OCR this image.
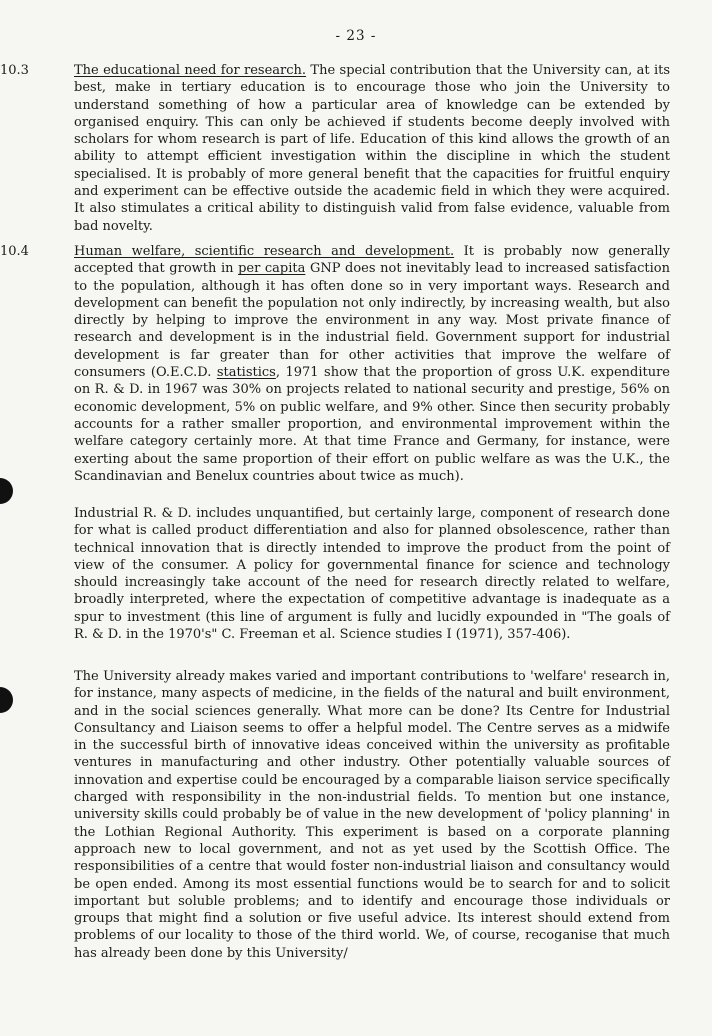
- 23 -
10.3	The educational need for research. The special contribution that the University can, at its best, make in tertiary education is to encourage those who join the University to understand something of how a particular area of knowledge can be extended by organised enquiry. This can only be achieved if students become deeply involved with scholars for whom research is part of life. Education of this kind allows the growth of an ability to attempt efficient investigation within the discipline in which the student specialised. It is probably of more general benefit that the capacities for fruitful enquiry and experiment can be effective outside the academic field in which they were acquired. It also stimulates a critical ability to distinguish valid from false evidence, valuable from bad novelty.

10.4	Human welfare, scientific research and development. It is probably now generally accepted that growth in per capita GNP does not inevitably lead to increased satisfaction to the population, although it has often done so in very important ways. Research and development can benefit the population not only indirectly, by increasing wealth, but also directly by helping to improve the environment in any way. Most private finance of research and development is in the industrial field. Government support for industrial development is far greater than for other activities that improve the welfare of consumers (O.E.C.D. statistics, 1971 show that the proportion of gross U.K. expenditure on R. & D. in 1967 was 30% on projects related to national security and prestige, 56% on economic development, 5% on public welfare, and 9% other. Since then security probably accounts for a rather smaller proportion, and environmental improvement within the welfare category certainly more. At that time France and Germany, for instance, were exerting about the same proportion of their effort on public welfare as was the U.K., the Scandinavian and Benelux countries about twice as much).

Industrial R. & D. includes unquantified, but certainly large, component of research done for what is called product differentiation and also for planned obsolescence, rather than technical innovation that is directly intended to improve the product from the point of view of the consumer. A policy for governmental finance for science and technology should increasingly take account of the need for research directly related to welfare, broadly interpreted, where the expectation of competitive advantage is inadequate as a spur to investment (this line of argument is fully and lucidly expounded in "The goals of R. & D. in the 1970's" C. Freeman et al. Science studies I (1971), 357-406).

The University already makes varied and important contributions to 'welfare' research in, for instance, many aspects of medicine, in the fields of the natural and built environment, and in the social sciences generally. What more can be done? Its Centre for Industrial Consultancy and Liaison seems to offer a helpful model. The Centre serves as a midwife in the successful birth of innovative ideas conceived within the university as profitable ventures in manufacturing and other industry. Other potentially valuable sources of innovation and expertise could be encouraged by a comparable liaison service specifically charged with responsibility in the non-industrial fields. To mention but one instance, university skills could probably be of value in the new development of 'policy planning' in the Lothian Regional Authority. This experiment is based on a corporate planning approach new to local government, and not as yet used by the Scottish Office. The responsibilities of a centre that would foster non-industrial liaison and consultancy would be open ended. Among its most essential functions would be to search for and to solicit important but soluble problems; and to identify and encourage those individuals or groups that might find a solution or five useful advice. Its interest should extend from problems of our locality to those of the third world. We, of course, recoganise that much has already been done by this University/
